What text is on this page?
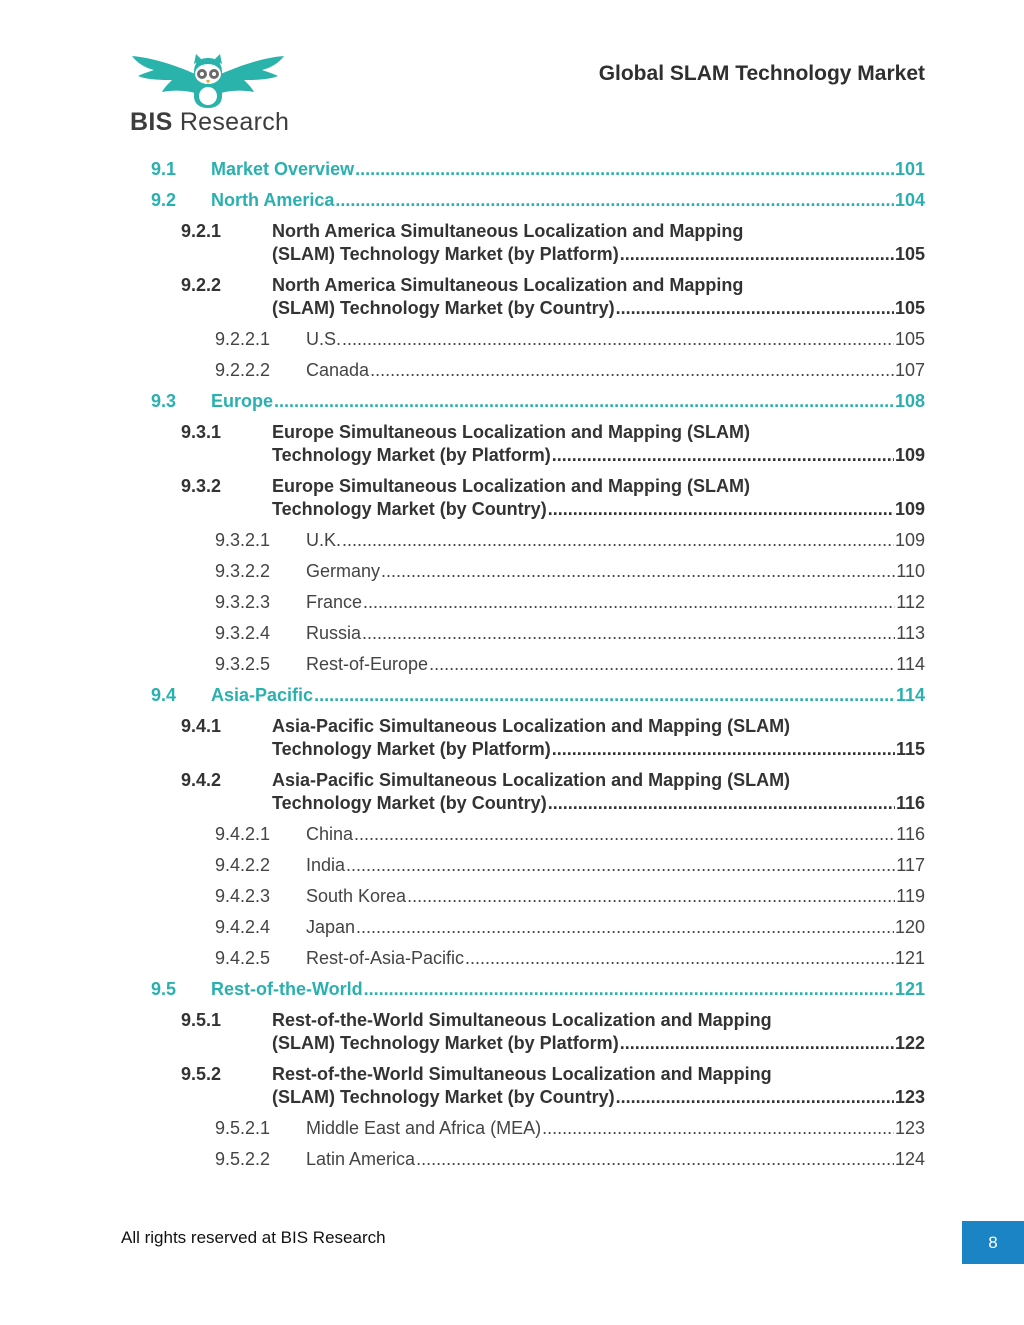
BIS Research
Global SLAM Technology Market
9.1 Market Overview .....	101
9.2 North America .....	104
9.2.1	North America Simultaneous Localization and Mapping
(SLAM) Technology Market (by Platform) .....	105
9.2.2	North America Simultaneous Localization and Mapping
(SLAM) Technology Market (by Country) .....	105
9.2.2.1 U.S. .....	105
9.2.2.2 Canada .....	107
9.3 Europe .....	108
9.3.1	Europe Simultaneous Localization and Mapping (SLAM)
Technology Market (by Platform) .....	109
9.3.2	Europe Simultaneous Localization and Mapping (SLAM)
Technology Market (by Country) .....	109
9.3.2.1 U.K. .....	109
9.3.2.2 Germany .....	110
9.3.2.3 France .....	112
9.3.2.4 Russia .....	113
9.3.2.5 Rest-of-Europe .....	114
9.4 Asia-Pacific .....	114
9.4.1	Asia-Pacific Simultaneous Localization and Mapping (SLAM)
Technology Market (by Platform) .....	115
9.4.2	Asia-Pacific Simultaneous Localization and Mapping (SLAM)
Technology Market (by Country) .....	116
9.4.2.1 China .....	116
9.4.2.2 India .....	117
9.4.2.3 South Korea .....	119
9.4.2.4 Japan .....	120
9.4.2.5 Rest-of-Asia-Pacific .....	121
9.5 Rest-of-the-World .....	121
9.5.1	Rest-of-the-World Simultaneous Localization and Mapping
(SLAM) Technology Market (by Platform) .....	122
9.5.2	Rest-of-the-World Simultaneous Localization and Mapping
(SLAM) Technology Market (by Country) .....	123
9.5.2.1 Middle East and Africa (MEA) .....	123
9.5.2.2 Latin America .....	124
All rights reserved at BIS Research	8
